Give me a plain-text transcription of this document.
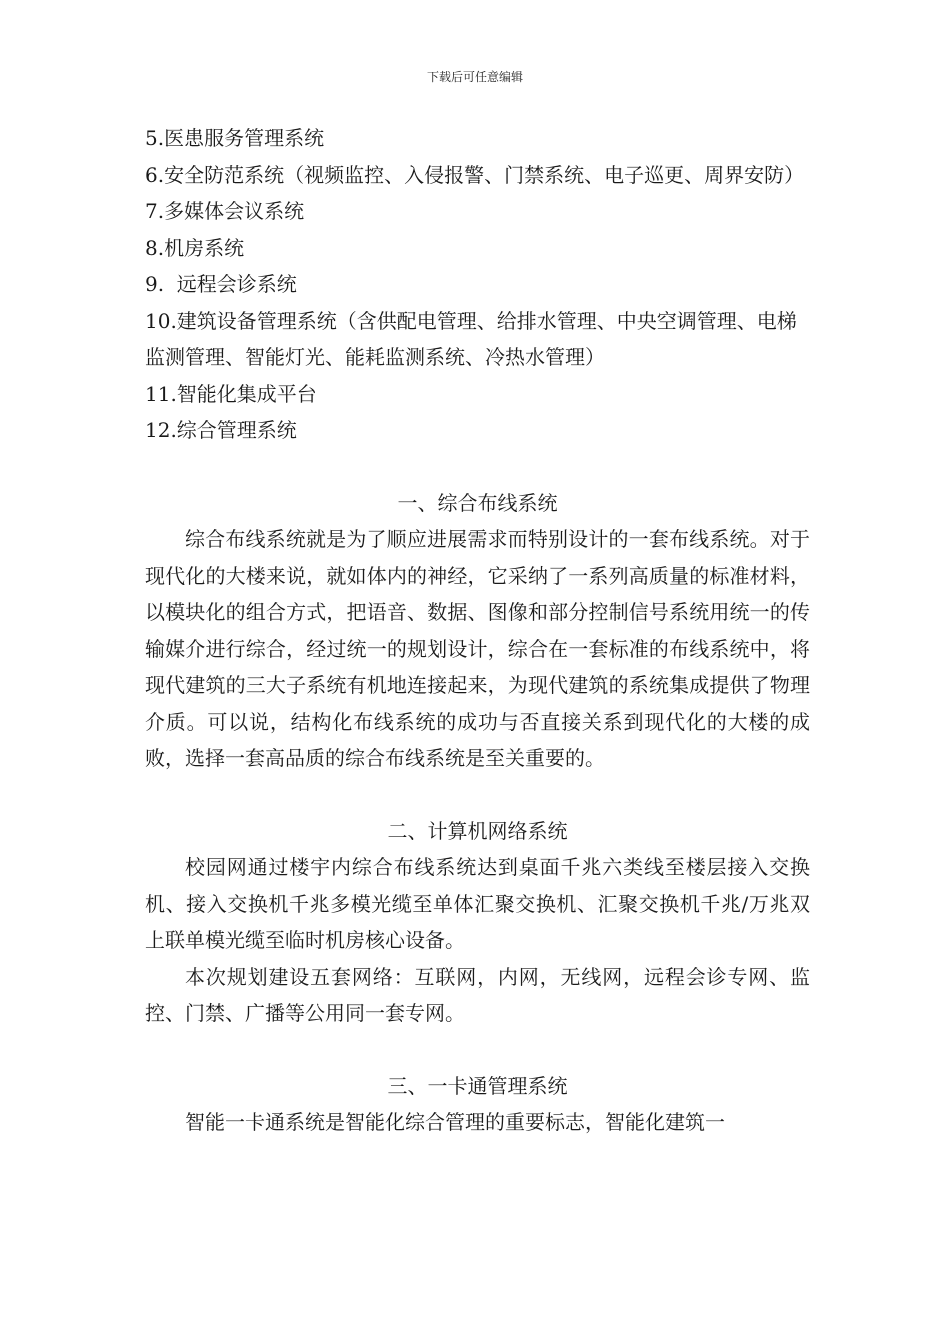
下载后可任意编辑

5.医患服务管理系统

6.安全防范系统（视频监控、入侵报警、门禁系统、电子巡更、周界安防）

7.多媒体会议系统

8.机房系统

9.  远程会诊系统

10.建筑设备管理系统（含供配电管理、给排水管理、中央空调管理、电梯监测管理、智能灯光、能耗监测系统、冷热水管理）

11.智能化集成平台

12.综合管理系统

一、综合布线系统

综合布线系统就是为了顺应进展需求而特别设计的一套布线系统。对于现代化的大楼来说，就如体内的神经，它采纳了一系列高质量的标准材料，以模块化的组合方式，把语音、数据、图像和部分控制信号系统用统一的传输媒介进行综合，经过统一的规划设计，综合在一套标准的布线系统中，将现代建筑的三大子系统有机地连接起来，为现代建筑的系统集成提供了物理介质。可以说，结构化布线系统的成功与否直接关系到现代化的大楼的成败，选择一套高品质的综合布线系统是至关重要的。

二、计算机网络系统

校园网通过楼宇内综合布线系统达到桌面千兆六类线至楼层接入交换机、接入交换机千兆多模光缆至单体汇聚交换机、汇聚交换机千兆/万兆双上联单模光缆至临时机房核心设备。

本次规划建设五套网络：互联网，内网，无线网，远程会诊专网、监控、门禁、广播等公用同一套专网。

三、一卡通管理系统

智能一卡通系统是智能化综合管理的重要标志，智能化建筑一
